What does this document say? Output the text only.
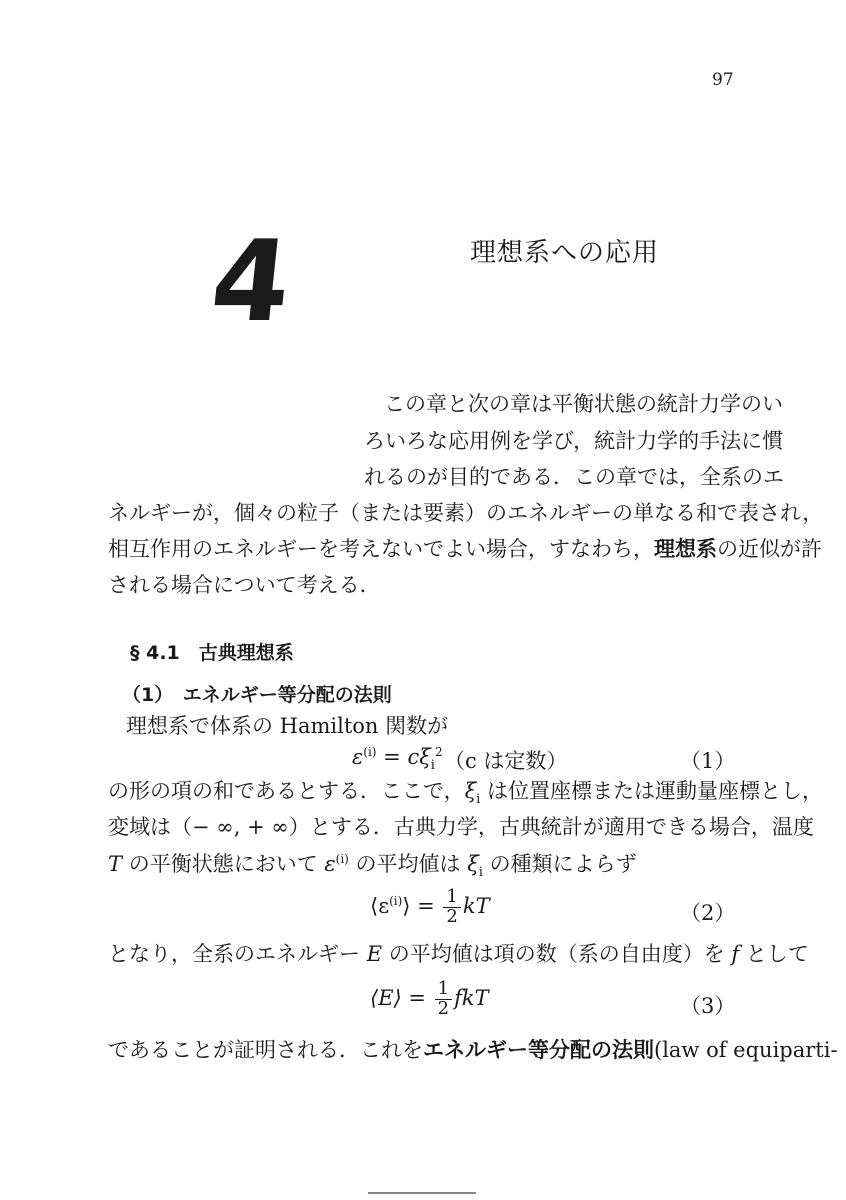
97
4	理想系への応用
この章と次の章は平衡状態の統計力学のい
ろいろな応用例を学び，統計力学的手法に慣
れるのが目的である．この章では，全系のエ
ネルギーが，個々の粒子（または要素）のエネルギーの単なる和で表され，
相互作用のエネルギーを考えないでよい場合，すなわち，理想系の近似が許
される場合について考える．
§ 4.1　古典理想系
（1）　エネルギー等分配の法則
理想系で体系の Hamilton 関数が
$\varepsilon^{(i)} = c\xi_i^2$ （c は定数）	（1）
の形の項の和であるとする．ここで，$\xi_i$ は位置座標または運動量座標とし，
変域は（− ∞, + ∞）とする．古典力学，古典統計が適用できる場合，温度
T の平衡状態において $\varepsilon^{(i)}$ の平均値は $\xi_i$ の種類によらず
$⟨\varepsilon^{(i)}⟩ = \frac{1}{2}$ kT	（2）
となり，全系のエネルギー E の平均値は項の数（系の自由度）を f として
⟨E⟩ = $\frac{1}{2}$ fkT	（3）
であることが証明される．これをエネルギー等分配の法則(law of equiparti-
